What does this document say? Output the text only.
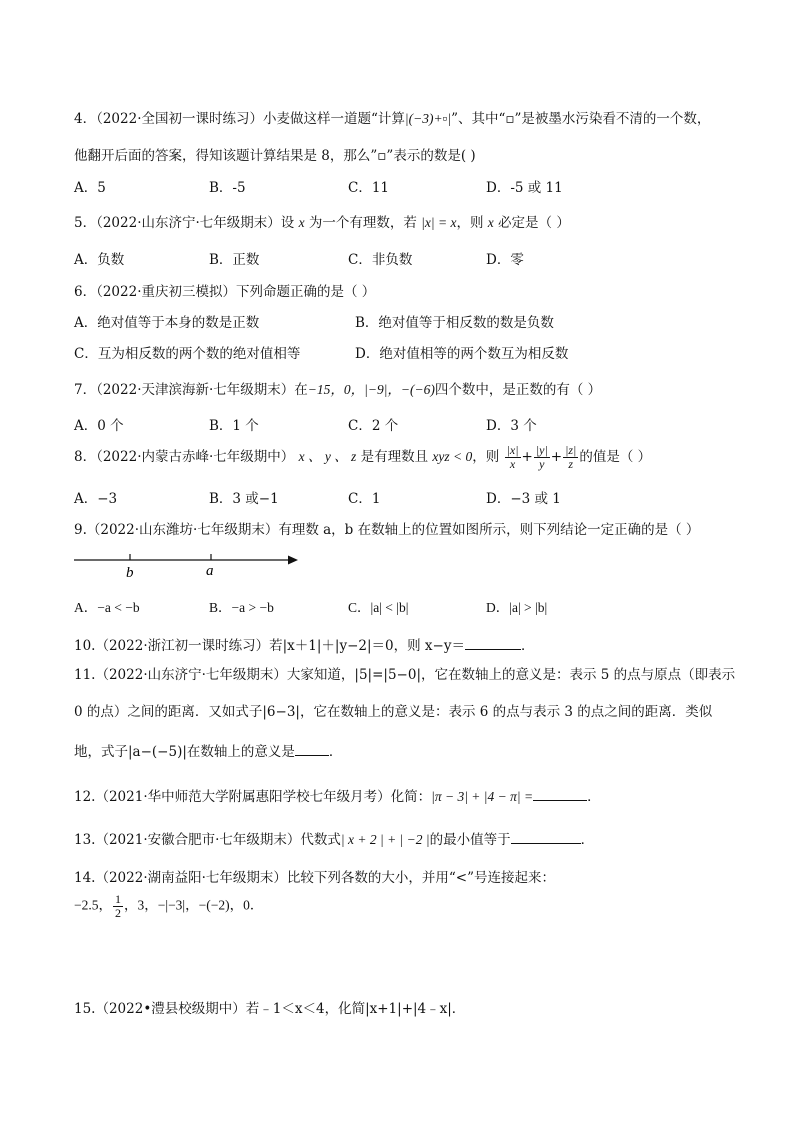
4．（2022·全国初一课时练习）小麦做这样一道题“计算|(−3)+▫|”、其中“▫”是被墨水污染看不清的一个数，
他翻开后面的答案，得知该题计算结果是 8，那么”▫”表示的数是( )
A．5	B．-5	C．11	D．-5 或 11
5．（2022·山东济宁·七年级期末）设 x 为一个有理数，若 |x| = x，则 x 必定是（ ）
A．负数	B．正数	C．非负数	D．零
6．（2022·重庆初三模拟）下列命题正确的是（ ）
A．绝对值等于本身的数是正数	B．绝对值等于相反数的数是负数
C．互为相反数的两个数的绝对值相等	D．绝对值相等的两个数互为相反数
7．（2022·天津滨海新·七年级期末）在−15，0，|−9|，−(−6)四个数中，是正数的有（ ）
A．0 个	B．1 个	C．2 个	D．3 个
8．（2022·内蒙古赤峰·七年级期中） x 、 y 、 z 是有理数且 xyz < 0，则 $\frac{|x|}{x} + \frac{|y|}{y} + \frac{|z|}{z}$ 的值是（ ）
A．−3	B．3 或−1	C．1	D．−3 或 1
9.（2022·山东潍坊·七年级期末）有理数 a，b 在数轴上的位置如图所示，则下列结论一定正确的是（ ）
b	a
A．−a < −b	B．−a > −b	C．|a| < |b|	D．|a| > |b|
10.（2022·浙江初一课时练习）若|x＋1|＋|y−2|＝0，则 x−y＝	．
11.（2022·山东济宁·七年级期末）大家知道，|5|=|5−0|，它在数轴上的意义是：表示 5 的点与原点（即表示
0 的点）之间的距离．又如式子|6−3|，它在数轴上的意义是：表示 6 的点与表示 3 的点之间的距离．类似
地，式子|a−(−5)|在数轴上的意义是	．
12.（2021·华中师范大学附属惠阳学校七年级月考）化简：|π − 3| + |4 − π| =	．
13.（2021·安徽合肥市·七年级期末）代数式| x + 2 | + | −2 |的最小值等于	．
14.（2022·湖南益阳·七年级期末）比较下列各数的大小，并用“<”号连接起来：
−2.5， $\frac{1}{2}$ ，3，−|−3|，−(−2)，0．
15.（2022•澧县校级期中）若﹣1＜x＜4，化简|x+1|+|4﹣x|．
